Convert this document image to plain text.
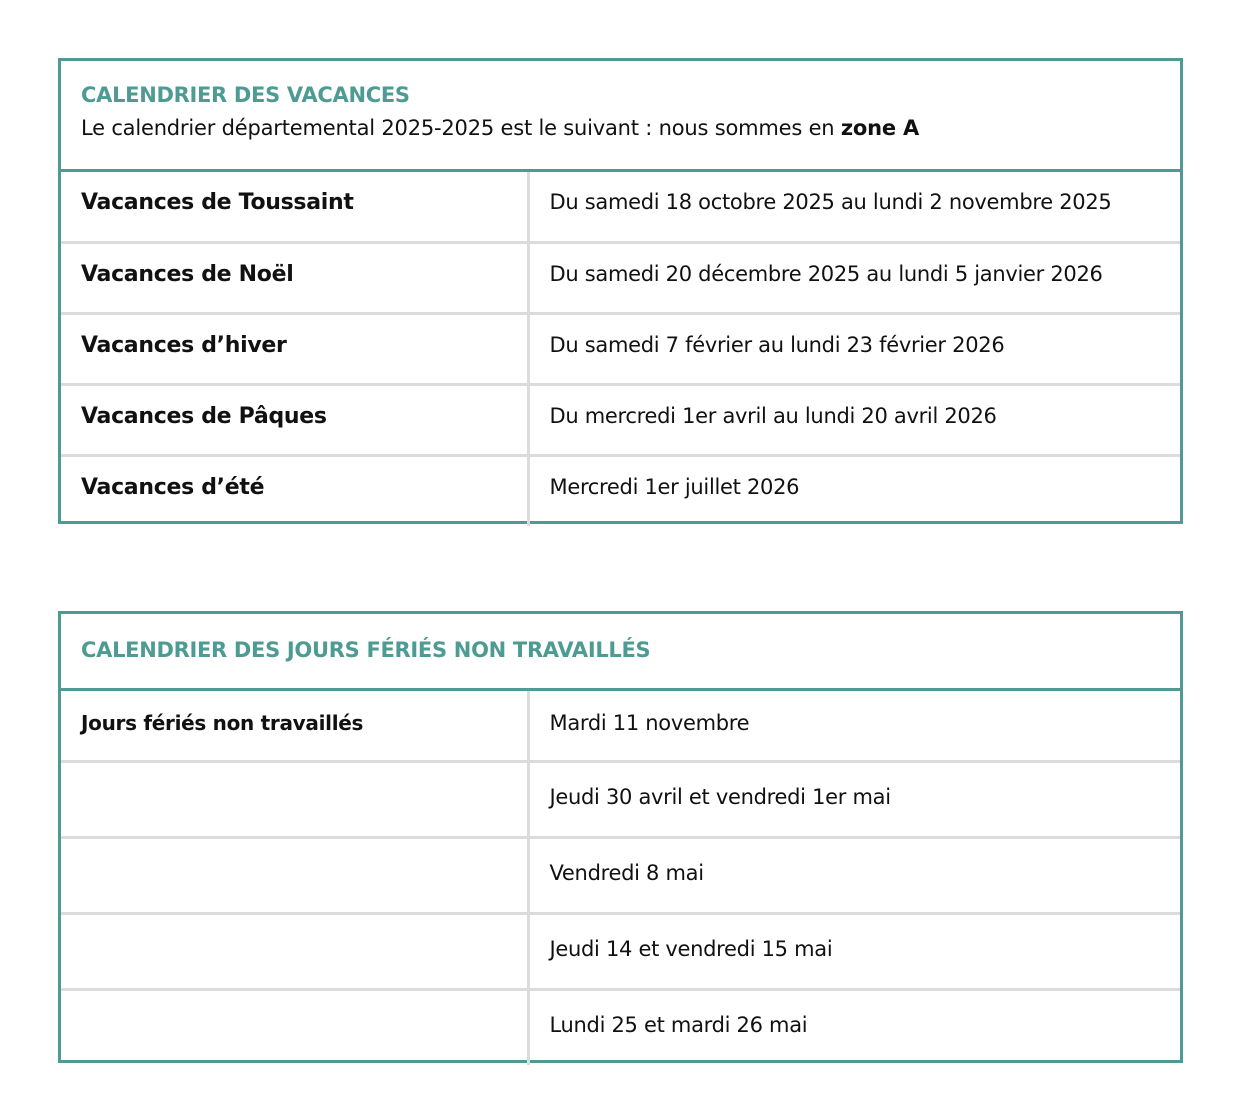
CALENDRIER DES VACANCES
Le calendrier départemental 2025-2025 est le suivant : nous sommes en zone A
Vacances de Toussaint	Du samedi 18 octobre 2025 au lundi 2 novembre 2025
Vacances de Noël	Du samedi 20 décembre 2025 au lundi 5 janvier 2026
Vacances d’hiver	Du samedi 7 février au lundi 23 février 2026
Vacances de Pâques	Du mercredi 1er avril au lundi 20 avril 2026
Vacances d’été	Mercredi 1er juillet 2026
CALENDRIER DES JOURS FÉRIÉS NON TRAVAILLÉS
Jours fériés non travaillés	Mardi 11 novembre
	Jeudi 30 avril et vendredi 1er mai
	Vendredi 8 mai
	Jeudi 14 et vendredi 15 mai
	Lundi 25 et mardi 26 mai
